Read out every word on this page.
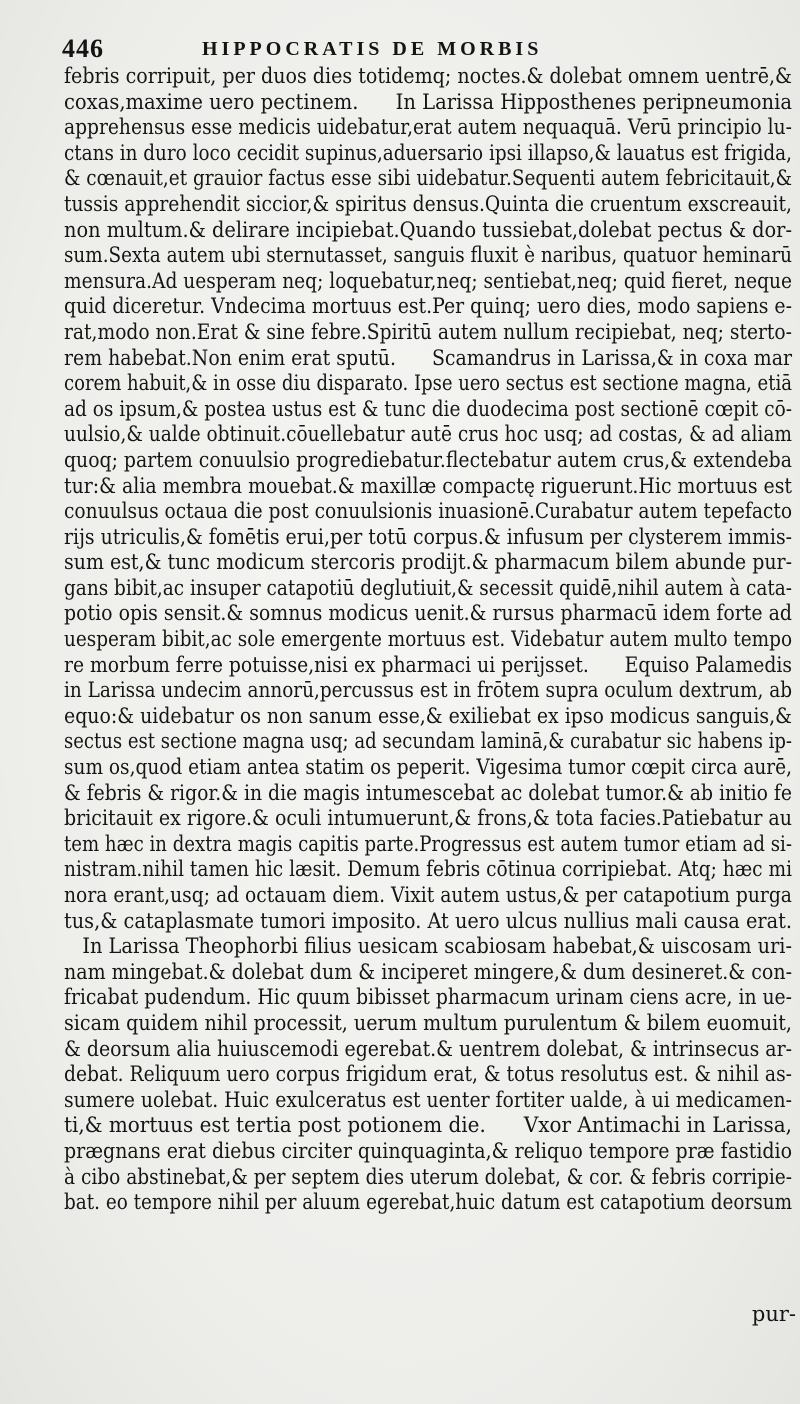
446	HIPPOCRATIS DE MORBIS
febris corripuit, per duos dies totidemq; noctes.& dolebat omnem uentrē,&
coxas,maxime uero pectinem.      In Larissa Hipposthenes peripneumonia
apprehensus esse medicis uidebatur,erat autem nequaquā. Verū principio lu-
ctans in duro loco cecidit supinus,aduersario ipsi illapso,& lauatus est frigida,
& cœnauit,et grauior factus esse sibi uidebatur.Sequenti autem febricitauit,&
tussis apprehendit siccior,& spiritus densus.Quinta die cruentum exscreauit,
non multum.& delirare incipiebat.Quando tussiebat,dolebat pectus & dor-
sum.Sexta autem ubi sternutasset, sanguis fluxit è naribus, quatuor heminarū
mensura.Ad uesperam neq; loquebatur,neq; sentiebat,neq; quid fieret, neque
quid diceretur. Vndecima mortuus est.Per quinq; uero dies, modo sapiens e-
rat,modo non.Erat & sine febre.Spiritū autem nullum recipiebat, neq; sterto-
rem habebat.Non enim erat sputū.      Scamandrus in Larissa,& in coxa mar
corem habuit,& in osse diu disparato. Ipse uero sectus est sectione magna, etiā
ad os ipsum,& postea ustus est & tunc die duodecima post sectionē cœpit cō-
uulsio,& ualde obtinuit.cōuellebatur autē crus hoc usq; ad costas, & ad aliam
quoq; partem conuulsio progrediebatur.flectebatur autem crus,& extendeba
tur:& alia membra mouebat.& maxillæ compactę riguerunt.Hic mortuus est
conuulsus octaua die post conuulsionis inuasionē.Curabatur autem tepefacto
rijs utriculis,& fomētis erui,per totū corpus.& infusum per clysterem immis-
sum est,& tunc modicum stercoris prodijt.& pharmacum bilem abunde pur-
gans bibit,ac insuper catapotiū deglutiuit,& secessit quidē,nihil autem à cata-
potio opis sensit.& somnus modicus uenit.& rursus pharmacū idem forte ad
uesperam bibit,ac sole emergente mortuus est. Videbatur autem multo tempo
re morbum ferre potuisse,nisi ex pharmaci ui perijsset.      Equiso Palamedis
in Larissa undecim annorū,percussus est in frōtem supra oculum dextrum, ab
equo:& uidebatur os non sanum esse,& exiliebat ex ipso modicus sanguis,&
sectus est sectione magna usq; ad secundam laminā,& curabatur sic habens ip-
sum os,quod etiam antea statim os peperit. Vigesima tumor cœpit circa aurē,
& febris & rigor.& in die magis intumescebat ac dolebat tumor.& ab initio fe
bricitauit ex rigore.& oculi intumuerunt,& frons,& tota facies.Patiebatur au
tem hæc in dextra magis capitis parte.Progressus est autem tumor etiam ad si-
nistram.nihil tamen hic læsit. Demum febris cōtinua corripiebat. Atq; hæc mi
nora erant,usq; ad octauam diem. Vixit autem ustus,& per catapotium purga
tus,& cataplasmate tumori imposito. At uero ulcus nullius mali causa erat.
In Larissa Theophorbi filius uesicam scabiosam habebat,& uiscosam uri-
nam mingebat.& dolebat dum & inciperet mingere,& dum desineret.& con-
fricabat pudendum. Hic quum bibisset pharmacum urinam ciens acre, in ue-
sicam quidem nihil processit, uerum multum purulentum & bilem euomuit,
& deorsum alia huiuscemodi egerebat.& uentrem dolebat, & intrinsecus ar-
debat. Reliquum uero corpus frigidum erat, & totus resolutus est. & nihil as-
sumere uolebat. Huic exulceratus est uenter fortiter ualde, à ui medicamen-
ti,& mortuus est tertia post potionem die.      Vxor Antimachi in Larissa,
prægnans erat diebus circiter quinquaginta,& reliquo tempore præ fastidio
à cibo abstinebat,& per septem dies uterum dolebat, & cor. & febris corripie-
bat. eo tempore nihil per aluum egerebat,huic datum est catapotium deorsum
pur-
